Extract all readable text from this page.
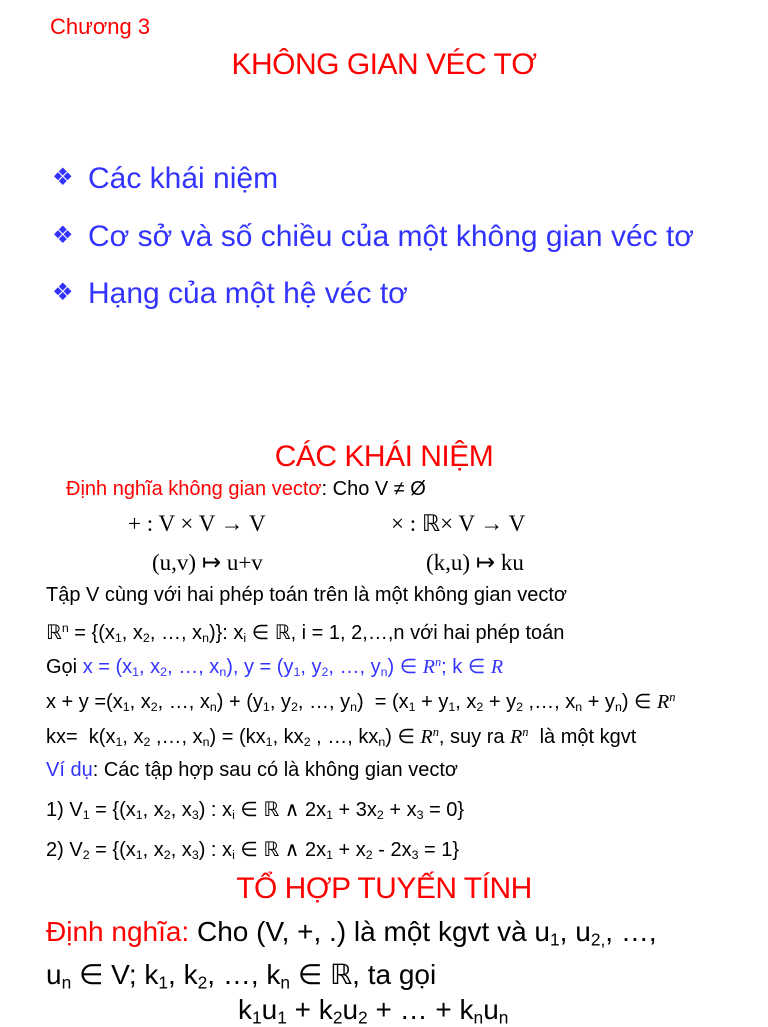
Chương 3
KHÔNG GIAN VÉC TƠ
❖ Các khái niệm
❖ Cơ sở và số chiều của một không gian véc tơ
❖ Hạng của một hệ véc tơ
CÁC KHÁI NIỆM
Định nghĩa không gian vectơ: Cho V ≠ Ø
+ : V × V → V	× : ℝ× V → V
(u,v) ↦ u+v	(k,u) ↦ ku
Tập V cùng với hai phép toán trên là một không gian vectơ
ℝ$^n$ = {($x_1$, $x_2$, …, $x_n$)}: $x_i$ ∈ ℝ, i = 1, 2,…,n với hai phép toán
Gọi $x = (x_1$, $x_2$, …, $x_n$), $y = (y_1$, $y_2$, …, $y_n$) ∈ $R^n$; k ∈ R
$x + y =(x_1$, $x_2$, …, $x_n) + (y_1$, $y_2$, …, $y_n) = (x_1 + y_1$, $x_2 + y_2$ ,…, $x_n + y_n$) ∈ $R^n$
$kx= k(x_1$, $x_2$ ,…, $x_n) = (kx_1$, $kx_2$ , …, $kx_n$) ∈ $R^n$, suy ra $R^n$ là một kgvt
Ví dụ: Các tập hợp sau có là không gian vectơ
1) $V_1 = \{(x_1$, $x_2$, $x_3$) : $x_i$ ∈ ℝ ∧ $2x_1 + 3x_2 + x_3 = 0$}
2) $V_2 = \{(x_1$, $x_2$, $x_3$) : $x_i$ ∈ ℝ ∧ $2x_1 + x_2 - 2x_3 = 1$}
TỔ HỢP TUYẾN TÍNH
Định nghĩa: Cho (V, +, .) là một kgvt và $u_1$, $u_{2,}$, …,
$u_n$ ∈ V; $k_1$, $k_2$, …, $k_n$ ∈ ℝ, ta gọi
$k_1u_1 + k_2u_2$ + … + $k_nu_n$
